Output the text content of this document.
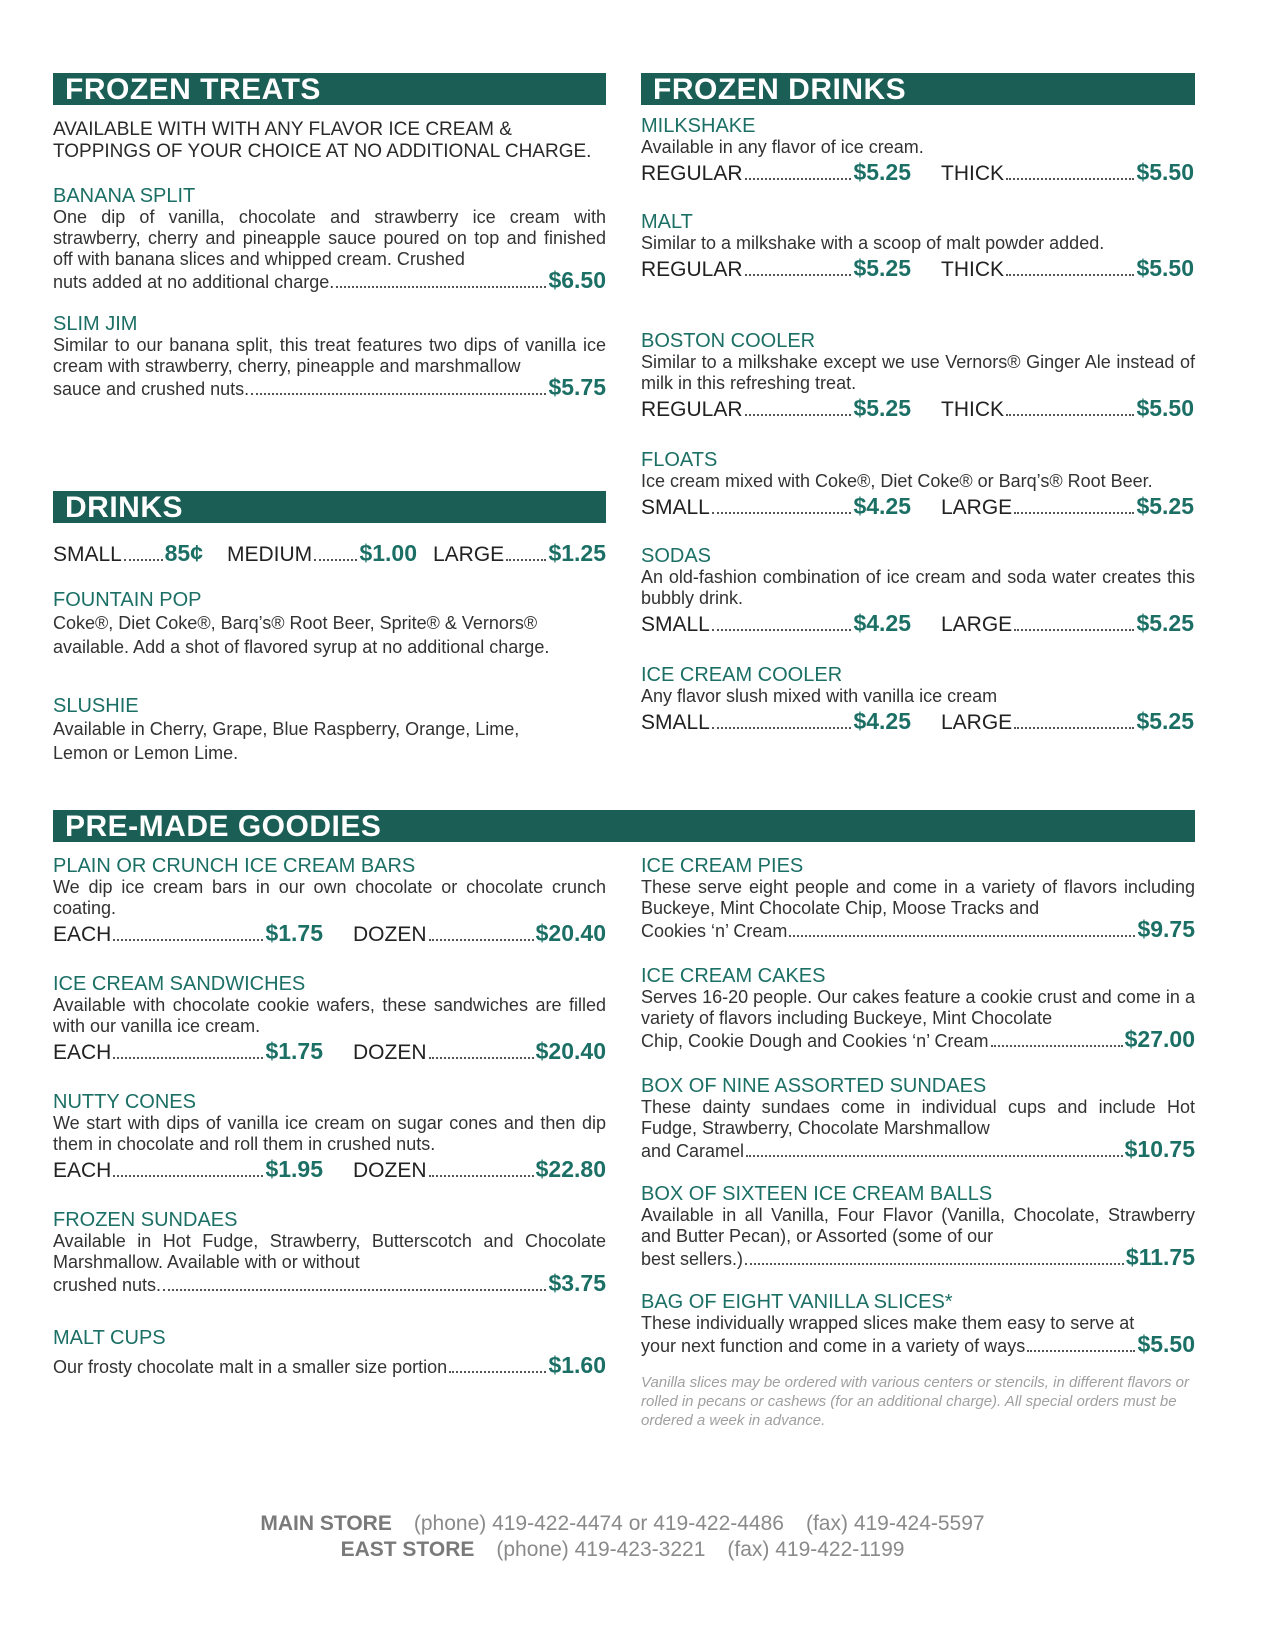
FROZEN TREATS
AVAILABLE WITH WITH ANY FLAVOR ICE CREAM & TOPPINGS OF YOUR CHOICE AT NO ADDITIONAL CHARGE.
BANANA SPLIT
One dip of vanilla, chocolate and strawberry ice cream with strawberry, cherry and pineapple sauce poured on top and finished off with banana slices and whipped cream. Crushed
nuts added at no additional charge.	$6.50
SLIM JIM
Similar to our banana split, this treat features two dips of vanilla ice cream with strawberry, cherry, pineapple and marshmallow
sauce and crushed nuts.	$5.75
DRINKS
SMALL 85¢ MEDIUM $1.00 LARGE $1.25
FOUNTAIN POP
Coke®, Diet Coke®, Barq’s® Root Beer, Sprite® & Vernors® available. Add a shot of flavored syrup at no additional charge.
SLUSHIE
Available in Cherry, Grape, Blue Raspberry, Orange, Lime, Lemon or Lemon Lime.
FROZEN DRINKS
MILKSHAKE
Available in any flavor of ice cream.
REGULAR	$5.25 THICK	$5.50
MALT
Similar to a milkshake with a scoop of malt powder added.
REGULAR	$5.25 THICK	$5.50
BOSTON COOLER
Similar to a milkshake except we use Vernors® Ginger Ale instead of milk in this refreshing treat.
REGULAR	$5.25 THICK	$5.50
FLOATS
Ice cream mixed with Coke®, Diet Coke® or Barq’s® Root Beer.
SMALL	$4.25 LARGE	$5.25
SODAS
An old-fashion combination of ice cream and soda water creates this bubbly drink.
SMALL	$4.25 LARGE	$5.25
ICE CREAM COOLER
Any flavor slush mixed with vanilla ice cream
SMALL	$4.25 LARGE	$5.25
PRE-MADE GOODIES
PLAIN OR CRUNCH ICE CREAM BARS
We dip ice cream bars in our own chocolate or chocolate crunch coating.
EACH	$1.75 DOZEN	$20.40
ICE CREAM SANDWICHES
Available with chocolate cookie wafers, these sandwiches are filled with our vanilla ice cream.
EACH	$1.75 DOZEN	$20.40
NUTTY CONES
We start with dips of vanilla ice cream on sugar cones and then dip them in chocolate and roll them in crushed nuts.
EACH	$1.95 DOZEN	$22.80
FROZEN SUNDAES
Available in Hot Fudge, Strawberry, Butterscotch and Chocolate Marshmallow. Available with or without
crushed nuts.	$3.75
MALT CUPS
Our frosty chocolate malt in a smaller size portion	$1.60
ICE CREAM PIES
These serve eight people and come in a variety of flavors including Buckeye, Mint Chocolate Chip, Moose Tracks and
Cookies ‘n’ Cream	$9.75
ICE CREAM CAKES
Serves 16-20 people. Our cakes feature a cookie crust and come in a variety of flavors including Buckeye, Mint Chocolate
Chip, Cookie Dough and Cookies ‘n’ Cream	$27.00
BOX OF NINE ASSORTED SUNDAES
These dainty sundaes come in individual cups and include Hot Fudge, Strawberry, Chocolate Marshmallow
and Caramel	$10.75
BOX OF SIXTEEN ICE CREAM BALLS
Available in all Vanilla, Four Flavor (Vanilla, Chocolate, Strawberry and Butter Pecan), or Assorted (some of our
best sellers.)	$11.75
BAG OF EIGHT VANILLA SLICES*
These individually wrapped slices make them easy to serve at
your next function and come in a variety of ways	$5.50
Vanilla slices may be ordered with various centers or stencils, in different flavors or rolled in pecans or cashews (for an additional charge). All special orders must be ordered a week in advance.
MAIN STORE (phone) 419-422-4474 or 419-422-4486 (fax) 419-424-5597
EAST STORE (phone) 419-423-3221 (fax) 419-422-1199
